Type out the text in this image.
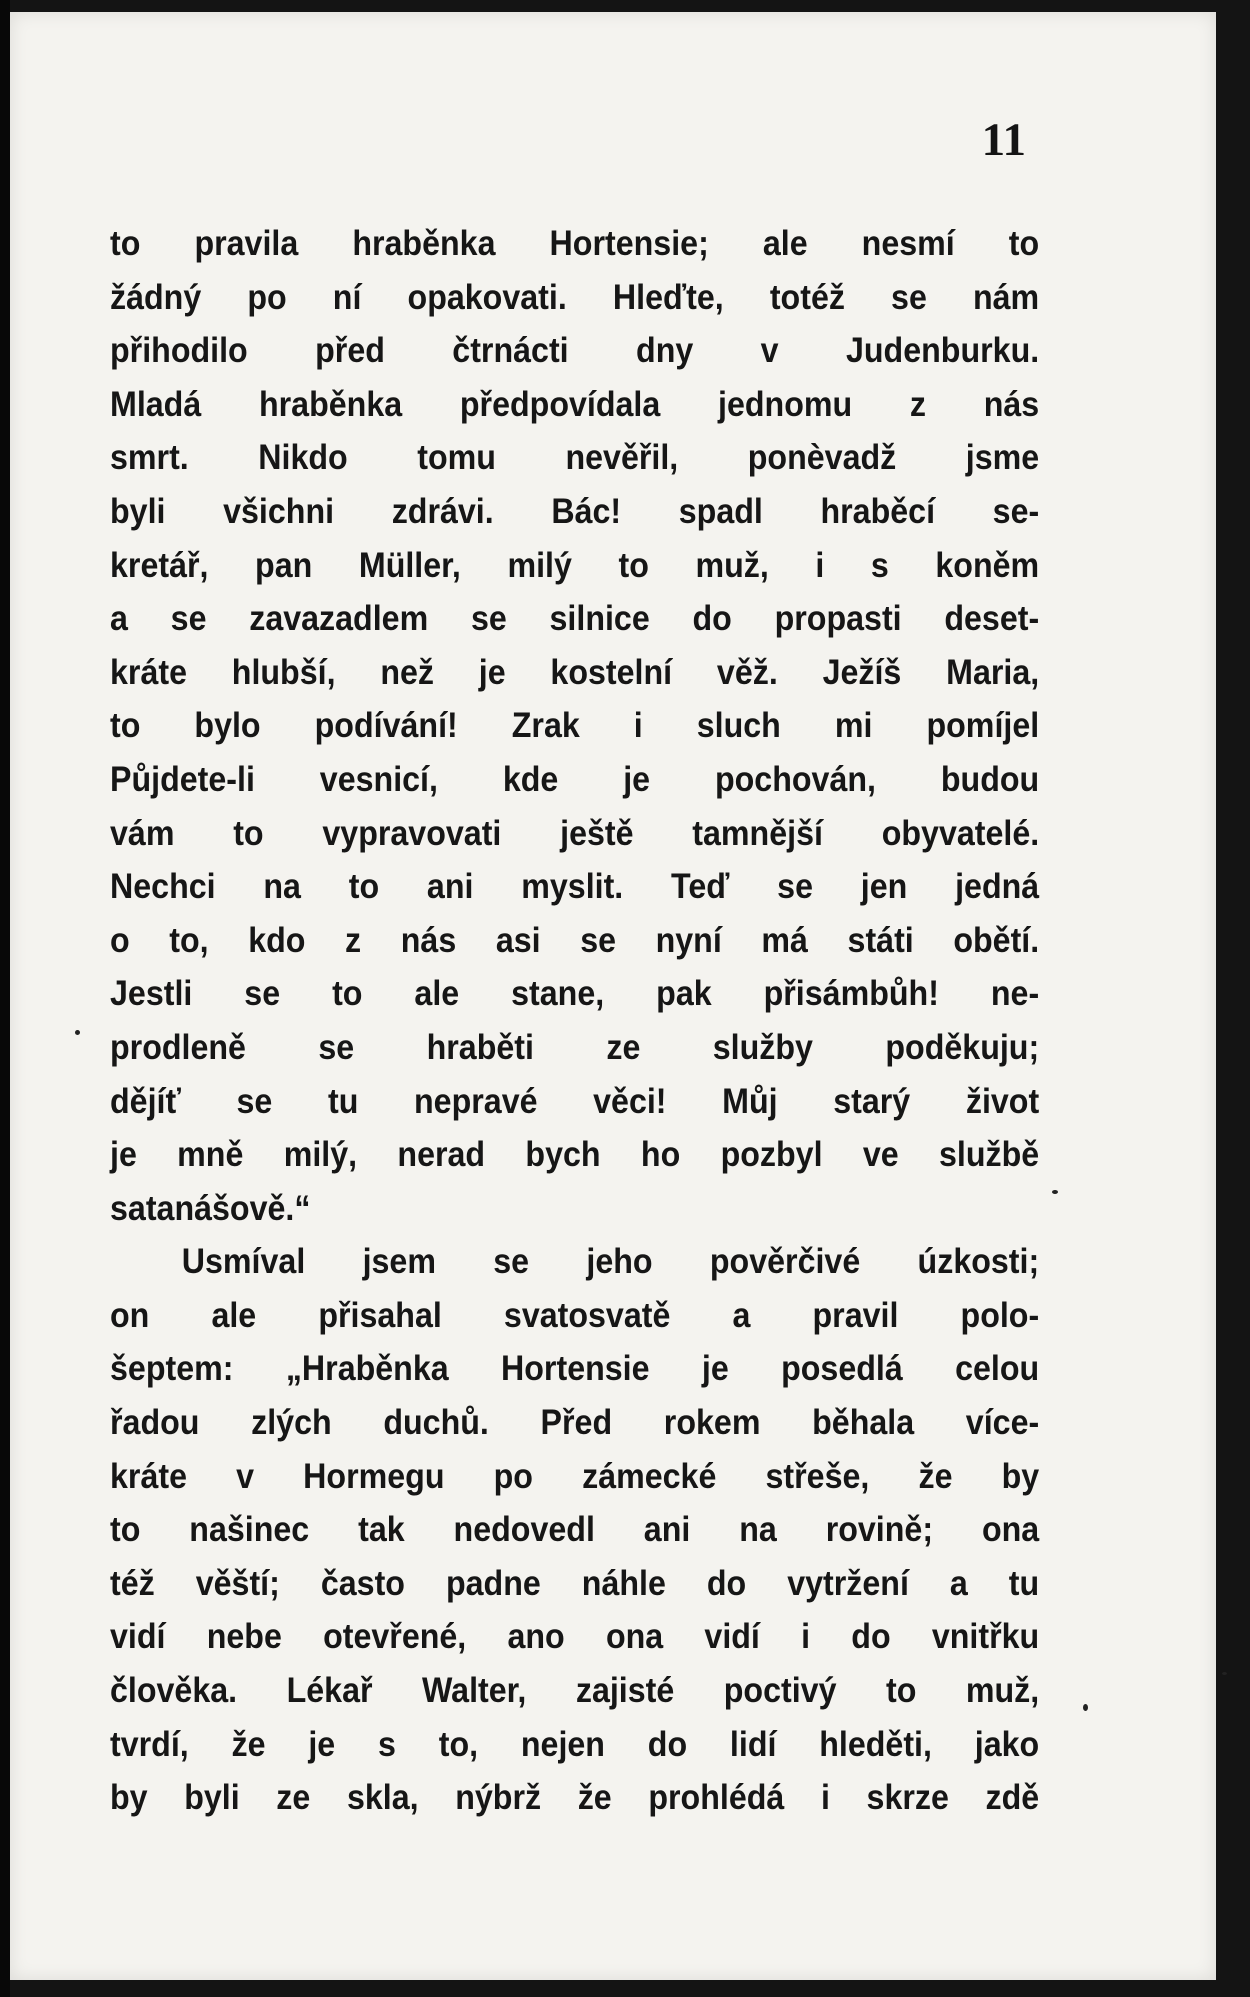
11
to pravila hraběnka Hortensie; ale nesmí to
žádný po ní opakovati. Hleďte, totéž se nám
přihodilo před čtrnácti dny v Judenburku.
Mladá hraběnka předpovídala jednomu z nás
smrt. Nikdo tomu nevěřil, ponèvadž jsme
byli všichni zdrávi. Bác! spadl hraběcí se-
kretář, pan Müller, milý to muž, i s koněm
a se zavazadlem se silnice do propasti deset-
kráte hlubší, než je kostelní věž. Ježíš Maria,
to bylo podívání! Zrak i sluch mi pomíjel
Půjdete-li vesnicí, kde je pochován, budou
vám to vypravovati ještě tamnější obyvatelé.
Nechci na to ani myslit. Teď se jen jedná
o to, kdo z nás asi se nyní má státi obětí.
Jestli se to ale stane, pak přisámbůh! ne-
prodleně se hraběti ze služby poděkuju;
dějíť se tu nepravé věci! Můj starý život
je mně milý, nerad bych ho pozbyl ve službě
satanášově.“
Usmíval jsem se jeho pověrčivé úzkosti;
on ale přisahal svatosvatě a pravil polo-
šeptem: „Hraběnka Hortensie je posedlá celou
řadou zlých duchů. Před rokem běhala více-
kráte v Hormegu po zámecké střeše, že by
to našinec tak nedovedl ani na rovině; ona
též věští; často padne náhle do vytržení a tu
vidí nebe otevřené, ano ona vidí i do vnitřku
člověka. Lékař Walter, zajisté poctivý to muž,
tvrdí, že je s to, nejen do lidí hleděti, jako
by byli ze skla, nýbrž že prohlédá i skrze zdě
